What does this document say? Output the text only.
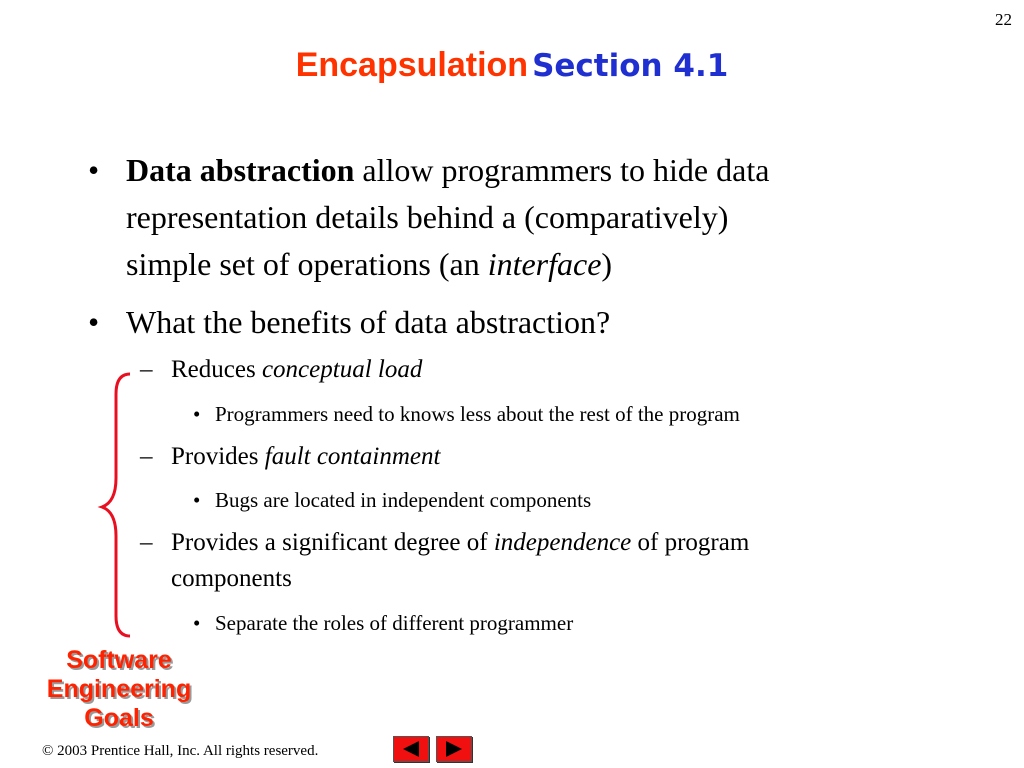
22
Encapsulation Section 4.1
• Data abstraction allow programmers to hide data
representation details behind a (comparatively)
simple set of operations (an interface)
• What the benefits of data abstraction?
– Reduces conceptual load
• Programmers need to knows less about the rest of the program
– Provides fault containment
• Bugs are located in independent components
– Provides a significant degree of independence of program
components
• Separate the roles of different programmer
Software
Engineering
Goals
© 2003 Prentice Hall, Inc. All rights reserved.
